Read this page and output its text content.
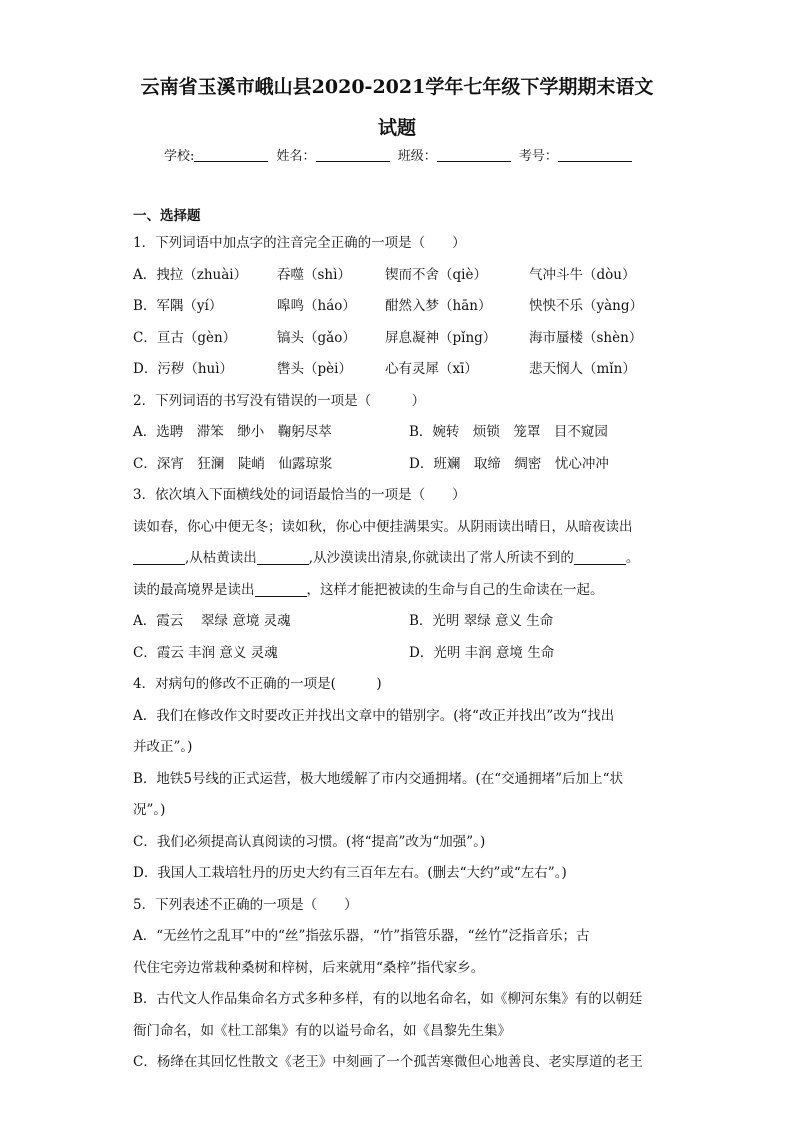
云南省玉溪市峨山县2020-2021学年七年级下学期期末语文
试题
学校:	姓名：	班级：	考号：
一、选择题
1．下列词语中加点字的注音完全正确的一项是（　　）
A．拽拉（zhuài） 吞噬（shì）	锲而不舍（qiè）	气冲斗牛（dòu）
B．军隅（yí）	嗥鸣（háo） 酣然入梦（hān）	怏怏不乐（yàng）
C．亘古（gèn）	镐头（gǎo） 屏息凝神（pǐng） 海市蜃楼（shèn）
D．污秽（huì）	辔头（pèi） 心有灵犀（xī）	悲天悯人（mǐn）
2．下列词语的书写没有错误的一项是（　　　）
A．选聘　滞笨　缈小　鞠躬尽萃	B．婉转　烦锁　笼罩　目不窥园
C．深宵　狂澜　陡峭　仙露琼浆	D．班斓　取缔　绸密　忧心冲冲
3．依次填入下面横线处的词语最恰当的一项是（　　）
读如春，你心中便无冬；读如秋，你心中便挂满果实。从阴雨读出晴日，从暗夜读出
,从枯黄读出	,从沙漠读出清泉,你就读出了常人所读不到的	。
读的最高境界是读出	，这样才能把被读的生命与自己的生命读在一起。
A．霞云　 翠绿 意境 灵魂	B．光明 翠绿 意义 生命
C．霞云 丰润 意义 灵魂	D．光明 丰润 意境 生命
4．对病句的修改不正确的一项是(　　　)
A．我们在修改作文时要改正并找出文章中的错别字。(将“改正并找出”改为“找出
并改正”。)
B．地铁5号线的正式运营，极大地缓解了市内交通拥堵。(在“交通拥堵”后加上“状
况”。)
C．我们必须提高认真阅读的习惯。(将“提高”改为“加强”。)
D．我国人工栽培牡丹的历史大约有三百年左右。(删去“大约”或“左右”。)
5．下列表述不正确的一项是（　　）
A．“无丝竹之乱耳”中的“丝”指弦乐器，“竹”指管乐器，“丝竹”泛指音乐；古
代住宅旁边常栽种桑树和梓树，后来就用“桑梓”指代家乡。
B．古代文人作品集命名方式多种多样，有的以地名命名，如《柳河东集》有的以朝廷
衙门命名，如《杜工部集》有的以谥号命名，如《昌黎先生集》
C．杨绛在其回忆性散文《老王》中刻画了一个孤苦寒微但心地善良、老实厚道的老王
